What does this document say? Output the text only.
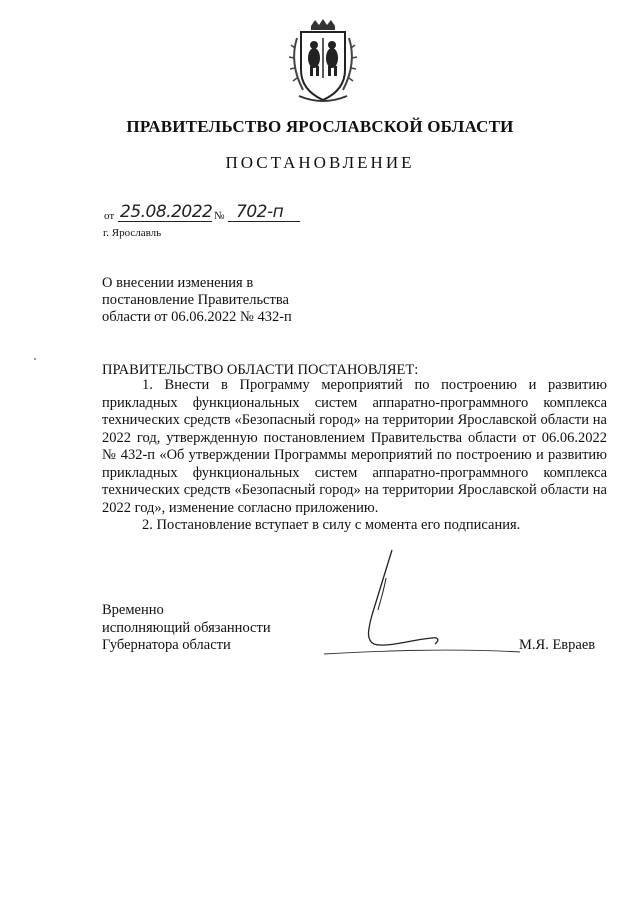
ПРАВИТЕЛЬСТВО ЯРОСЛАВСКОЙ ОБЛАСТИ
ПОСТАНОВЛЕНИЕ
от 25.08.2022 № 702-п
г. Ярославль
О внесении изменения в
постановление Правительства
области от 06.06.2022 № 432-п
ПРАВИТЕЛЬСТВО ОБЛАСТИ ПОСТАНОВЛЯЕТ:

1. Внести в Программу мероприятий по построению и развитию прикладных функциональных систем аппаратно-программного комплекса технических средств «Безопасный город» на территории Ярославской области на 2022 год, утвержденную постановлением Правительства области от 06.06.2022 № 432-п «Об утверждении Программы мероприятий по построению и развитию прикладных функциональных систем аппаратно-программного комплекса технических средств «Безопасный город» на территории Ярославской области на 2022 год», изменение согласно приложению.

2. Постановление вступает в силу с момента его подписания.

Временно
исполняющий обязанности
Губернатора области	М.Я. Евраев
